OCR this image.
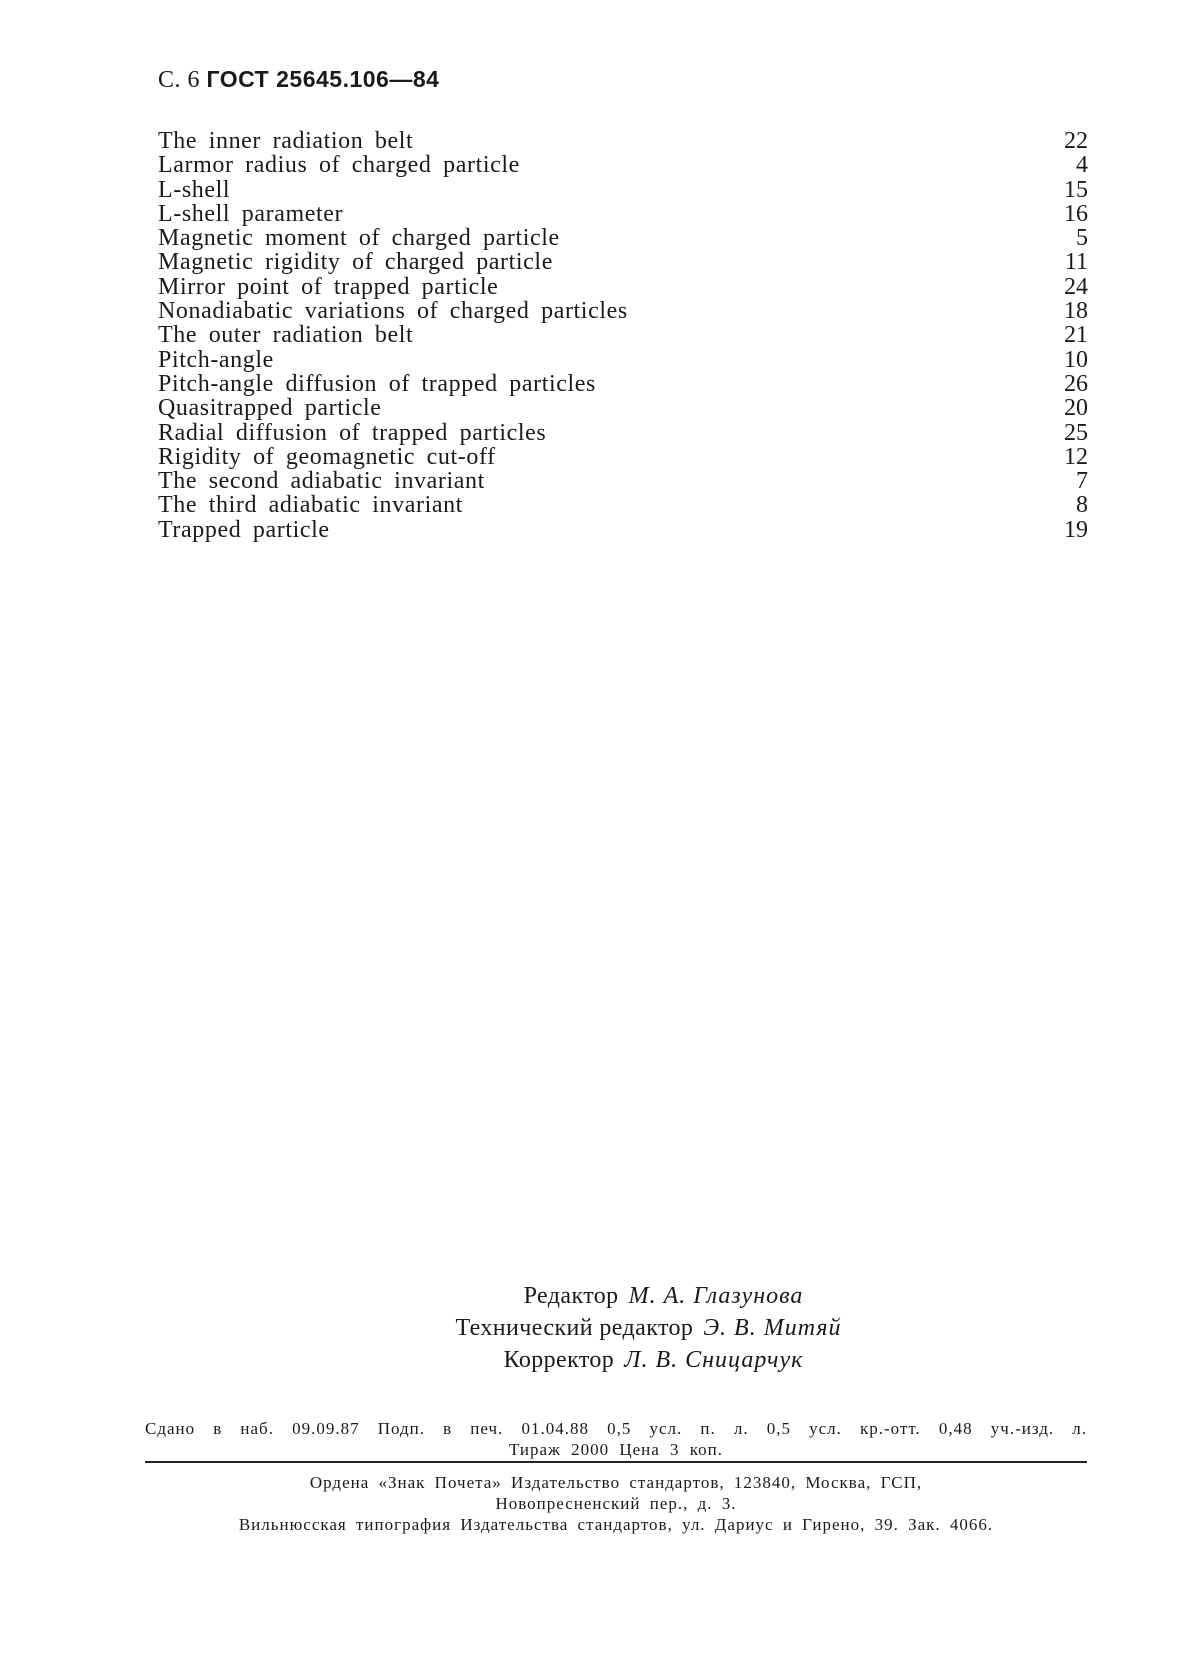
С. 6 ГОСТ 25645.106—84
The inner radiation belt	22
Larmor radius of charged particle	4
L-shell	15
L-shell parameter	16
Magnetic moment of charged particle	5
Magnetic rigidity of charged particle	11
Mirror point of trapped particle	24
Nonadiabatic variations of charged particles	18
The outer radiation belt	21
Pitch-angle	10
Pitch-angle diffusion of trapped particles	26
Quasitrapped particle	20
Radial diffusion of trapped particles	25
Rigidity of geomagnetic cut-off	12
The second adiabatic invariant	7
The third adiabatic invariant	8
Trapped particle	19
Редактор М. А. Глазунова
Технический редактор Э. В. Митяй
Корректор Л. В. Сницарчук
Сдано в наб. 09.09.87 Подп. в печ. 01.04.88 0,5 усл. п. л. 0,5 усл. кр.-отт. 0,48 уч.-изд. л.
Тираж 2000 Цена 3 коп.
Ордена «Знак Почета» Издательство стандартов, 123840, Москва, ГСП,
Новопресненский пер., д. 3.
Вильнюсская типография Издательства стандартов, ул. Дариус и Гирено, 39. Зак. 4066.
